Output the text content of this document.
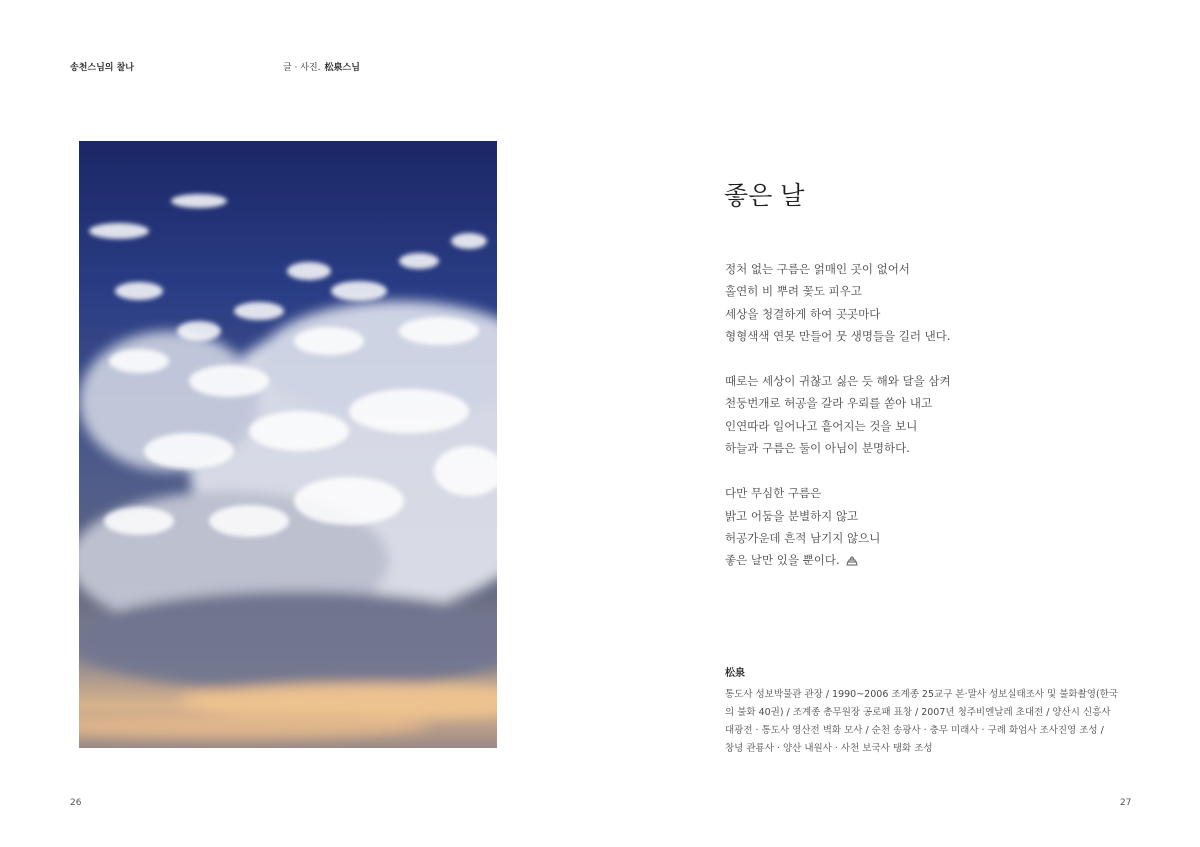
송천스님의 찰나	글 · 사진. 松泉스님
좋은 날
정처 없는 구름은 얽매인 곳이 없어서
홀연히 비 뿌려 꽃도 피우고
세상을 청결하게 하여 곳곳마다
형형색색 연못 만들어 뭇 생명들을 길러 낸다.
때로는 세상이 귀찮고 싫은 듯 해와 달을 삼켜
천둥번개로 허공을 갈라 우뢰를 쏟아 내고
인연따라 일어나고 흩어지는 것을 보니
하늘과 구름은 둘이 아님이 분명하다.
다만 무심한 구름은
밝고 어둠을 분별하지 않고
허공가운데 흔적 남기지 않으니
좋은 날만 있을 뿐이다.
松泉
통도사 성보박물관 관장 / 1990~2006 조계종 25교구 본·말사 성보실태조사 및 불화촬영(한국
의 불화 40권) / 조계종 총무원장 공로패 표창 / 2007년 청주비엔날레 초대전 / 양산시 신흥사
대광전 · 통도사 영산전 벽화 모사 / 순천 송광사 · 충무 미래사 · 구례 화엄사 조사진영 조성 /
창녕 관룡사 · 양산 내원사 · 사천 보국사 탱화 조성
26	27
